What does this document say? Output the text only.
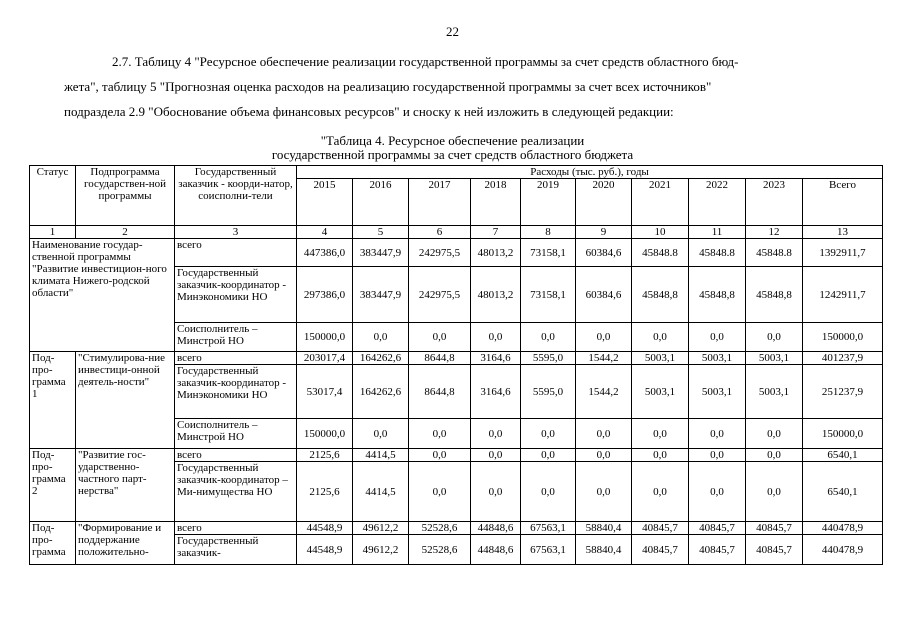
22
2.7. Таблицу 4 "Ресурсное обеспечение реализации государственной программы за счет средств областного бюд-
жета", таблицу 5 "Прогнозная оценка расходов на реализацию государственной программы за счет всех источников"
подраздела 2.9 "Обоснование объема финансовых ресурсов" и сноску к ней изложить в следующей редакции:
"Таблица 4. Ресурсное обеспечение реализации
государственной программы за счет средств областного бюджета
Статус	Подпрограмма государствен-ной программы	Государственный заказчик - коорди-натор, соисполни-тели	Расходы (тыс. руб.), годы									
			2015	2016	2017	2018	2019	2020	2021	2022	2023	Всего
1	2	3	4	5	6	7	8	9	10	11	12	13
Наименование государ-ственной программы "Развитие инвестицион-ного климата Нижего-родской области"		всего	447386,0	383447,9	242975,5	48013,2	73158,1	60384,6	45848.8	45848.8	45848.8	1392911,7
		Государственный заказчик-координатор - Минэкономики НО	297386,0	383447,9	242975,5	48013,2	73158,1	60384,6	45848,8	45848,8	45848,8	1242911,7
		Соисполнитель – Минстрой НО	150000,0	0,0	0,0	0,0	0,0	0,0	0,0	0,0	0,0	150000,0
Под-про-грамма 1	"Стимулирова-ние инвестици-онной деятель-ности"	всего	203017,4	164262,6	8644,8	3164,6	5595,0	1544,2	5003,1	5003,1	5003,1	401237,9
		Государственный заказчик-координатор - Минэкономики НО	53017,4	164262,6	8644,8	3164,6	5595,0	1544,2	5003,1	5003,1	5003,1	251237,9
		Соисполнитель – Минстрой НО	150000,0	0,0	0,0	0,0	0,0	0,0	0,0	0,0	0,0	150000,0
Под-про-грамма 2	"Развитие гос-ударственно-частного парт-нерства"	всего	2125,6	4414,5	0,0	0,0	0,0	0,0	0,0	0,0	0,0	6540,1
		Государственный заказчик-координатор – Ми-нимущества НО	2125,6	4414,5	0,0	0,0	0,0	0,0	0,0	0,0	0,0	6540,1
Под-про-грамма	"Формирование и поддержание положительно-	всего	44548,9	49612,2	52528,6	44848,6	67563,1	58840,4	40845,7	40845,7	40845,7	440478,9
		Государственный заказчик-	44548,9	49612,2	52528,6	44848,6	67563,1	58840,4	40845,7	40845,7	40845,7	440478,9
